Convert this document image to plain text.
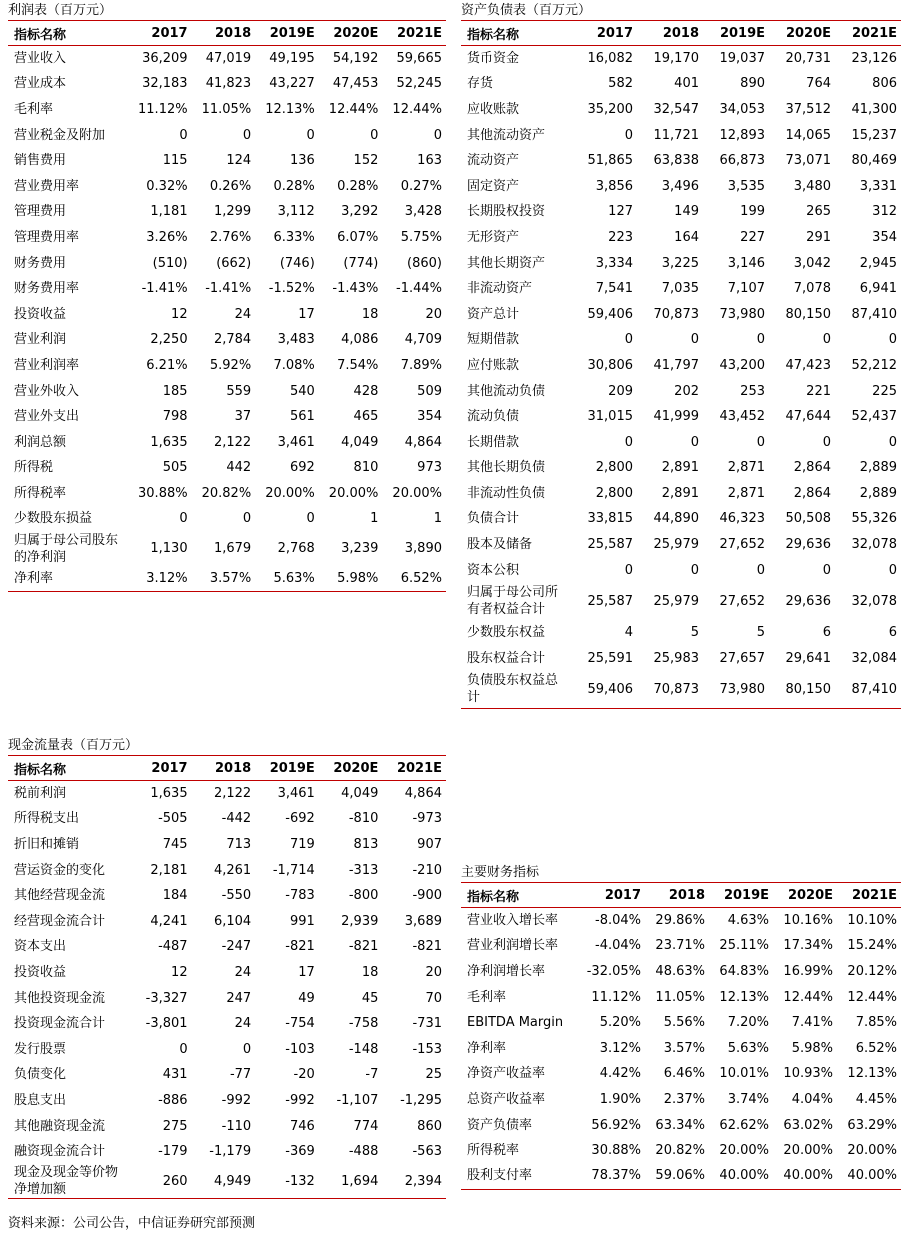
利润表（百万元）
指标名称	2017	2018	2019E	2020E	2021E
营业收入	36,209	47,019	49,195	54,192	59,665
营业成本	32,183	41,823	43,227	47,453	52,245
毛利率	11.12%	11.05%	12.13%	12.44%	12.44%
营业税金及附加	0	0	0	0	0
销售费用	115	124	136	152	163
营业费用率	0.32%	0.26%	0.28%	0.28%	0.27%
管理费用	1,181	1,299	3,112	3,292	3,428
管理费用率	3.26%	2.76%	6.33%	6.07%	5.75%
财务费用	(510)	(662)	(746)	(774)	(860)
财务费用率	-1.41%	-1.41%	-1.52%	-1.43%	-1.44%
投资收益	12	24	17	18	20
营业利润	2,250	2,784	3,483	4,086	4,709
营业利润率	6.21%	5.92%	7.08%	7.54%	7.89%
营业外收入	185	559	540	428	509
营业外支出	798	37	561	465	354
利润总额	1,635	2,122	3,461	4,049	4,864
所得税	505	442	692	810	973
所得税率	30.88%	20.82%	20.00%	20.00%	20.00%
少数股东损益	0	0	0	1	1
归属于母公司股东的净利润	1,130	1,679	2,768	3,239	3,890
净利率	3.12%	3.57%	5.63%	5.98%	6.52%
资产负债表（百万元）
指标名称	2017	2018	2019E	2020E	2021E
货币资金	16,082	19,170	19,037	20,731	23,126
存货	582	401	890	764	806
应收账款	35,200	32,547	34,053	37,512	41,300
其他流动资产	0	11,721	12,893	14,065	15,237
流动资产	51,865	63,838	66,873	73,071	80,469
固定资产	3,856	3,496	3,535	3,480	3,331
长期股权投资	127	149	199	265	312
无形资产	223	164	227	291	354
其他长期资产	3,334	3,225	3,146	3,042	2,945
非流动资产	7,541	7,035	7,107	7,078	6,941
资产总计	59,406	70,873	73,980	80,150	87,410
短期借款	0	0	0	0	0
应付账款	30,806	41,797	43,200	47,423	52,212
其他流动负债	209	202	253	221	225
流动负债	31,015	41,999	43,452	47,644	52,437
长期借款	0	0	0	0	0
其他长期负债	2,800	2,891	2,871	2,864	2,889
非流动性负债	2,800	2,891	2,871	2,864	2,889
负债合计	33,815	44,890	46,323	50,508	55,326
股本及储备	25,587	25,979	27,652	29,636	32,078
资本公积	0	0	0	0	0
归属于母公司所有者权益合计	25,587	25,979	27,652	29,636	32,078
少数股东权益	4	5	5	6	6
股东权益合计	25,591	25,983	27,657	29,641	32,084
负债股东权益总计	59,406	70,873	73,980	80,150	87,410
现金流量表（百万元）
指标名称	2017	2018	2019E	2020E	2021E
税前利润	1,635	2,122	3,461	4,049	4,864
所得税支出	-505	-442	-692	-810	-973
折旧和摊销	745	713	719	813	907
营运资金的变化	2,181	4,261	-1,714	-313	-210
其他经营现金流	184	-550	-783	-800	-900
经营现金流合计	4,241	6,104	991	2,939	3,689
资本支出	-487	-247	-821	-821	-821
投资收益	12	24	17	18	20
其他投资现金流	-3,327	247	49	45	70
投资现金流合计	-3,801	24	-754	-758	-731
发行股票	0	0	-103	-148	-153
负债变化	431	-77	-20	-7	25
股息支出	-886	-992	-992	-1,107	-1,295
其他融资现金流	275	-110	746	774	860
融资现金流合计	-179	-1,179	-369	-488	-563
现金及现金等价物净增加额	260	4,949	-132	1,694	2,394
主要财务指标
指标名称	2017	2018	2019E	2020E	2021E
营业收入增长率	-8.04%	29.86%	4.63%	10.16%	10.10%
营业利润增长率	-4.04%	23.71%	25.11%	17.34%	15.24%
净利润增长率	-32.05%	48.63%	64.83%	16.99%	20.12%
毛利率	11.12%	11.05%	12.13%	12.44%	12.44%
EBITDA Margin	5.20%	5.56%	7.20%	7.41%	7.85%
净利率	3.12%	3.57%	5.63%	5.98%	6.52%
净资产收益率	4.42%	6.46%	10.01%	10.93%	12.13%
总资产收益率	1.90%	2.37%	3.74%	4.04%	4.45%
资产负债率	56.92%	63.34%	62.62%	63.02%	63.29%
所得税率	30.88%	20.82%	20.00%	20.00%	20.00%
股利支付率	78.37%	59.06%	40.00%	40.00%	40.00%
资料来源：公司公告，中信证券研究部预测
